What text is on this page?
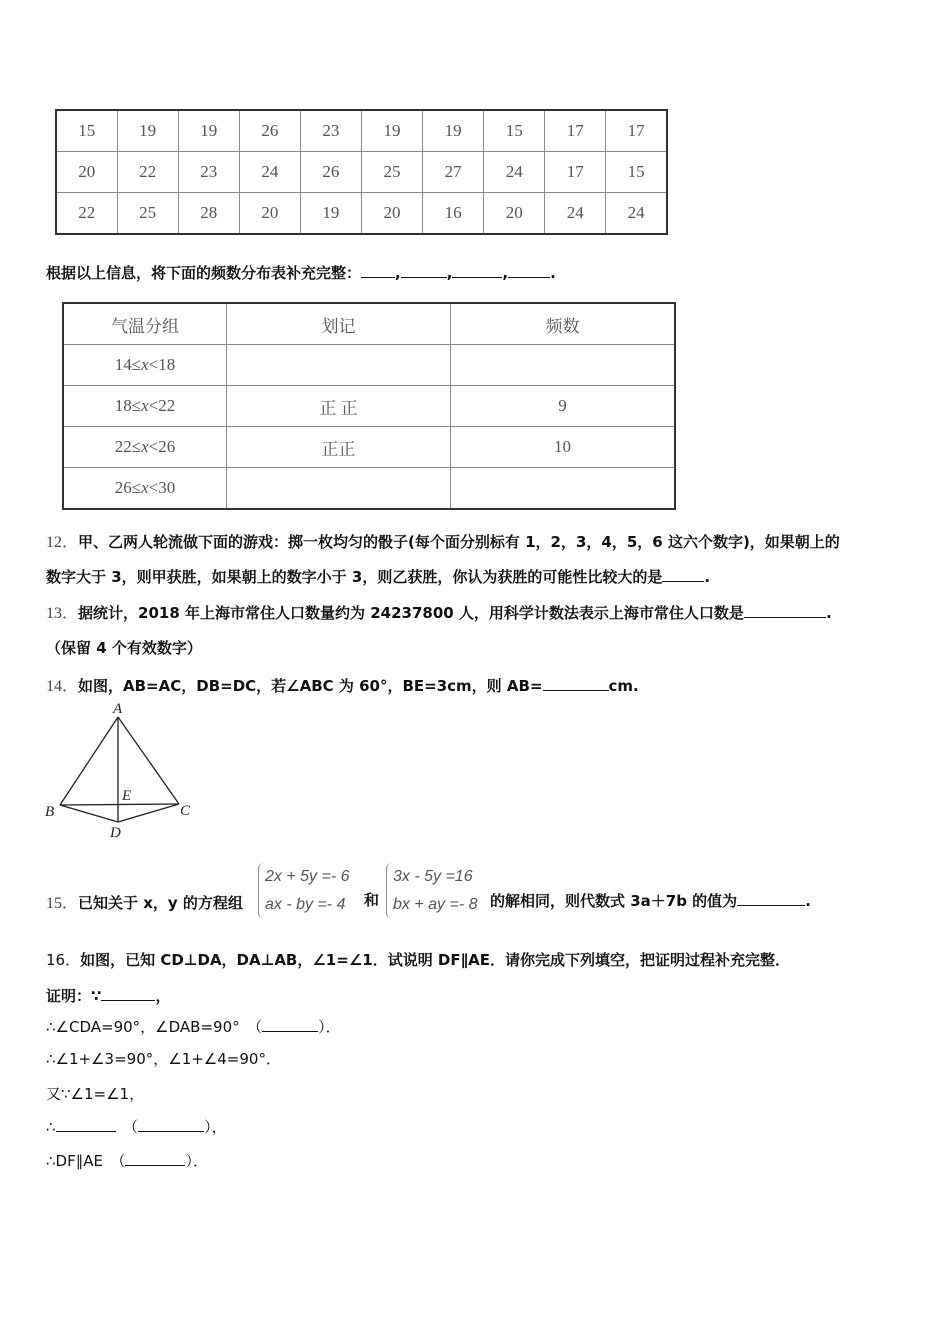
15	19	19	26	23	19	19	15	17	17
20	22	23	24	26	25	27	24	17	15
22	25	28	20	19	20	16	20	24	24
根据以上信息，将下面的频数分布表补充完整： ,	,	,	.
气温分组	划记	频数
14≤x<18		
18≤x<22	正 正	9
22≤x<26	正正	10
26≤x<30		
12．甲、乙两人轮流做下面的游戏：掷一枚均匀的骰子(每个面分别标有 1，2，3，4，5，6 这六个数字)，如果朝上的
数字大于 3，则甲获胜，如果朝上的数字小于 3，则乙获胜，你认为获胜的可能性比较大的是	.
13．据统计，2018 年上海市常住人口数量约为 24237800 人，用科学计数法表示上海市常住人口数是	.
（保留 4 个有效数字）
14．如图，AB=AC，DB=DC，若∠ABC 为 60°，BE=3cm，则 AB=	cm.
A
B	C
D
E
15．已知关于 x，y 的方程组
2x + 5y =- 6
ax - by =- 4 和
3x - 5y =16
bx + ay =- 8 的解相同，则代数式 3a＋7b 的值为	.
16．如图，已知 CD⊥DA，DA⊥AB，∠1=∠1．试说明 DF∥AE．请你完成下列填空，把证明过程补充完整．
证明：∵	，
∴∠CDA=90°，∠DAB=90°　（	）．
∴∠1+∠3=90°，∠1+∠4=90°．
又∵∠1=∠1，
∴	　（	），
∴DF∥AE　（	）．
